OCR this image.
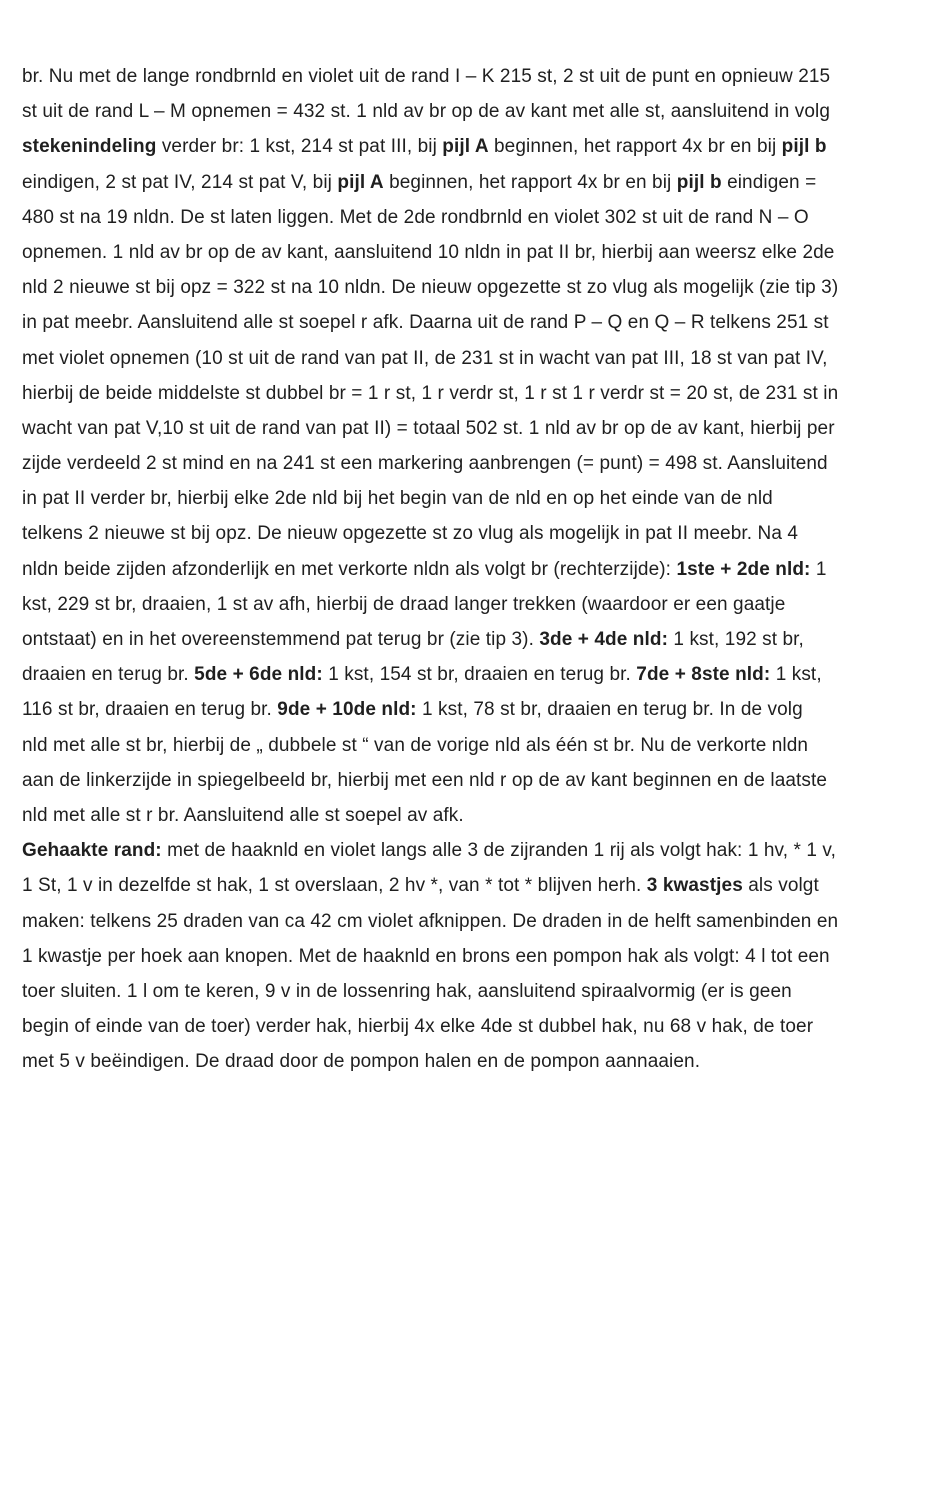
br. Nu met de lange rondbrnld en violet uit de rand I – K 215 st, 2 st uit de punt en opnieuw 215
st uit de rand L – M opnemen = 432 st. 1 nld av br op de av kant met alle st, aansluitend in volg
stekenindeling verder br: 1 kst, 214 st pat III, bij pijl A beginnen, het rapport 4x br en bij pijl b
eindigen, 2 st pat IV, 214 st pat V, bij pijl A beginnen, het rapport 4x br en bij pijl b eindigen =
480 st na 19 nldn. De st laten liggen. Met de 2de rondbrnld en violet 302 st uit de rand N – O
opnemen. 1 nld av br op de av kant, aansluitend 10 nldn in pat II br, hierbij aan weersz elke 2de
nld 2 nieuwe st bij opz = 322 st na 10 nldn. De nieuw opgezette st zo vlug als mogelijk (zie tip 3)
in pat meebr. Aansluitend alle st soepel r afk. Daarna uit de rand P – Q en Q – R telkens 251 st
met violet opnemen (10 st uit de rand van pat II, de 231 st in wacht van pat III, 18 st van pat IV,
hierbij de beide middelste st dubbel br = 1 r st, 1 r verdr st, 1 r st 1 r verdr st = 20 st, de 231 st in
wacht van pat V,10 st uit de rand van pat II) = totaal 502 st. 1 nld av br op de av kant, hierbij per
zijde verdeeld 2 st mind en na 241 st een markering aanbrengen (= punt) = 498 st. Aansluitend
in pat II verder br, hierbij elke 2de nld bij het begin van de nld en op het einde van de nld
telkens 2 nieuwe st bij opz. De nieuw opgezette st zo vlug als mogelijk in pat II meebr. Na 4
nldn beide zijden afzonderlijk en met verkorte nldn als volgt br (rechterzijde): 1ste + 2de nld: 1
kst, 229 st br, draaien, 1 st av afh, hierbij de draad langer trekken (waardoor er een gaatje
ontstaat) en in het overeenstemmend pat terug br (zie tip 3). 3de + 4de nld: 1 kst, 192 st br,
draaien en terug br. 5de + 6de nld: 1 kst, 154 st br, draaien en terug br. 7de + 8ste nld: 1 kst,
116 st br, draaien en terug br. 9de + 10de nld: 1 kst, 78 st br, draaien en terug br. In de volg
nld met alle st br, hierbij de „ dubbele st “ van de vorige nld als één st br. Nu de verkorte nldn
aan de linkerzijde in spiegelbeeld br, hierbij met een nld r op de av kant beginnen en de laatste
nld met alle st r br. Aansluitend alle st soepel av afk.
Gehaakte rand: met de haaknld en violet langs alle 3 de zijranden 1 rij als volgt hak: 1 hv, * 1 v,
1 St, 1 v in dezelfde st hak, 1 st overslaan, 2 hv *, van * tot * blijven herh. 3 kwastjes als volgt
maken: telkens 25 draden van ca 42 cm violet afknippen. De draden in de helft samenbinden en
1 kwastje per hoek aan knopen. Met de haaknld en brons een pompon hak als volgt: 4 l tot een
toer sluiten. 1 l om te keren, 9 v in de lossenring hak, aansluitend spiraalvormig (er is geen
begin of einde van de toer) verder hak, hierbij 4x elke 4de st dubbel hak, nu 68 v hak, de toer
met 5 v beëindigen. De draad door de pompon halen en de pompon aannaaien.
